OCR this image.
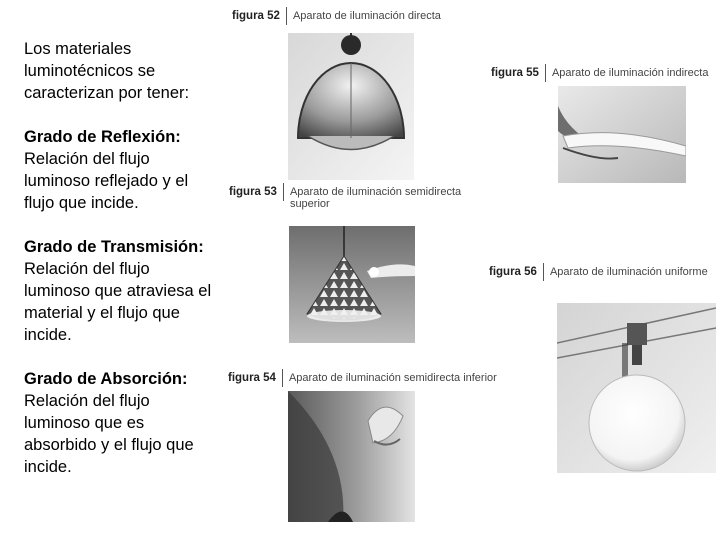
Los materiales luminotécnicos se caracterizan por tener:

Grado de Reflexión: Relación del flujo luminoso reflejado y el flujo que incide.

Grado de Transmisión: Relación del flujo luminoso que atraviesa el material y el flujo que incide.

Grado de Absorción: Relación del flujo luminoso que es absorbido y el flujo que incide.

figura 52	Aparato de iluminación directa
figura 53	Aparato de iluminación semidirecta
superior
figura 54	Aparato de iluminación semidirecta inferior
figura 55	Aparato de iluminación indirecta
figura 56	Aparato de iluminación uniforme
